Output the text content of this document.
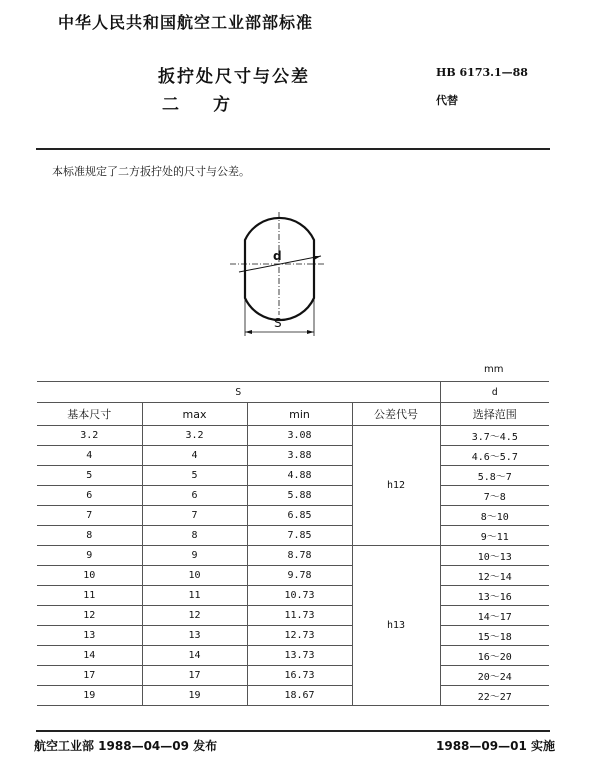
中华人民共和国航空工业部部标准
扳拧处尺寸与公差
二方
HB 6173.1—88
代替
本标准规定了二方扳拧处的尺寸与公差。
d
S
mm
S				d
基本尺寸	max	min	公差代号	选择范围
3.2	3.2	3.08	h12	3.7～4.5
4	4	3.88		4.6～5.7
5	5	4.88		5.8～7
6	6	5.88		7～8
7	7	6.85		8～10
8	8	7.85		9～11
9	9	8.78	h13	10～13
10	10	9.78		12～14
11	11	10.73		13～16
12	12	11.73		14～17
13	13	12.73		15～18
14	14	13.73		16～20
17	17	16.73		20～24
19	19	18.67		22～27
航空工业部 1988—04—09 发布	1988—09—01 实施
